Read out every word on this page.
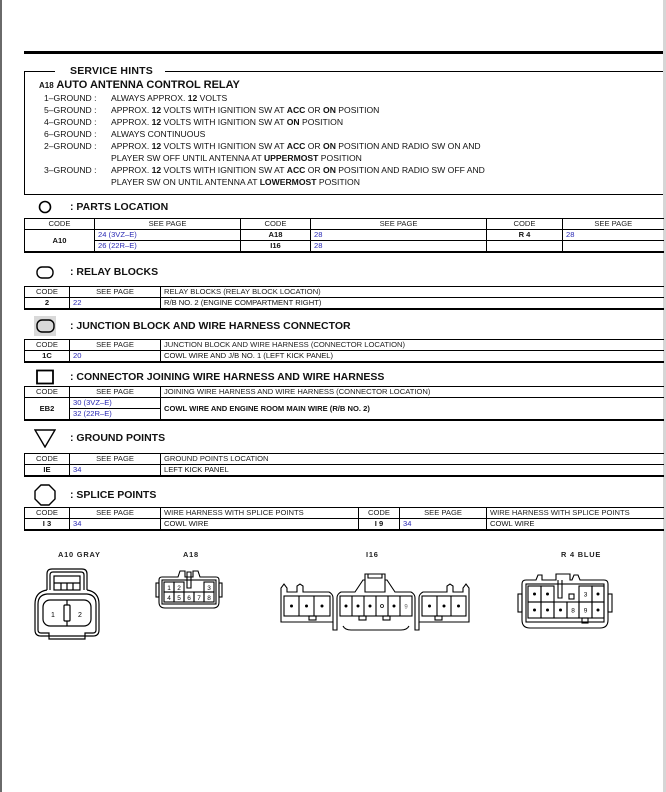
SERVICE HINTS
A18 AUTO ANTENNA CONTROL RELAY
1–GROUND : ALWAYS APPROX. 12 VOLTS
5–GROUND : APPROX. 12 VOLTS WITH IGNITION SW AT ACC OR ON POSITION
4–GROUND : APPROX. 12 VOLTS WITH IGNITION SW AT ON POSITION
6–GROUND : ALWAYS CONTINUOUS
2–GROUND : APPROX. 12 VOLTS WITH IGNITION SW AT ACC OR ON POSITION AND RADIO SW ON AND
PLAYER SW OFF UNTIL ANTENNA AT UPPERMOST POSITION
3–GROUND : APPROX. 12 VOLTS WITH IGNITION SW AT ACC OR ON POSITION AND RADIO SW OFF AND
PLAYER SW ON UNTIL ANTENNA AT LOWERMOST POSITION
: PARTS LOCATION
CODE	SEE PAGE	CODE	SEE PAGE	CODE	SEE PAGE
A10	24 (3VZ–E)	A18	28	R 4	28
	26 (22R–E)	I16	28		
: RELAY BLOCKS
CODE	SEE PAGE	RELAY BLOCKS (RELAY BLOCK LOCATION)
2	22	R/B NO. 2 (ENGINE COMPARTMENT RIGHT)
: JUNCTION BLOCK AND WIRE HARNESS CONNECTOR
CODE	SEE PAGE	JUNCTION BLOCK AND WIRE HARNESS (CONNECTOR LOCATION)
1C	20	COWL WIRE AND J/B NO. 1 (LEFT KICK PANEL)
: CONNECTOR JOINING WIRE HARNESS AND WIRE HARNESS
CODE	SEE PAGE	JOINING WIRE HARNESS AND WIRE HARNESS (CONNECTOR LOCATION)
EB2	30 (3VZ–E)	COWL WIRE AND ENGINE ROOM MAIN WIRE (R/B NO. 2)
	32 (22R–E)	
: GROUND POINTS
CODE	SEE PAGE	GROUND POINTS LOCATION
IE	34	LEFT KICK PANEL
: SPLICE POINTS
CODE	SEE PAGE	WIRE HARNESS WITH SPLICE POINTS	CODE	SEE PAGE	WIRE HARNESS WITH SPLICE POINTS
I 3	34	COWL WIRE	I 9	34	COWL WIRE
A10 GRAY
1	2
A18
1 2	3
4 5 6 7 8
I16
9
R 4 BLUE
3
8 9
